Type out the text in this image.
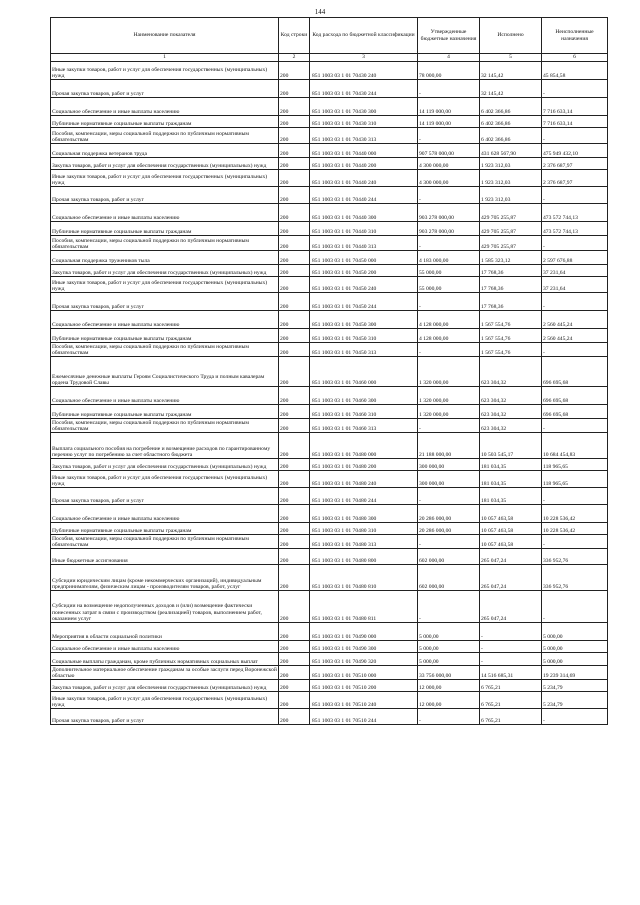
144
Наименование показателя	Код строки	Код расхода по бюджетной классификации	Утвержденные бюджетные назначения	Исполнено	Неисполненные назначения
1	2	3	4	5	6
Иные закупки товаров, работ и услуг для обеспечения государственных (муниципальных) нужд	200	851 1003 03 1 01 70430 240	78 000,00	32 145,42	45 854,58
Прочая закупка товаров, работ и услуг	200	851 1003 03 1 01 70430 244	-	32 145,42	-
Социальное обеспечение и иные выплаты населению	200	851 1003 03 1 01 70430 300	14 119 000,00	6 402 366,86	7 716 633,14
Публичные нормативные социальные выплаты гражданам	200	851 1003 03 1 01 70430 310	14 119 000,00	6 402 366,86	7 716 633,14
Пособия, компенсации, меры социальной поддержки по публичным нормативным обязательствам	200	851 1003 03 1 01 70430 313	-	6 402 366,86	-
Социальная поддержка ветеранов труда	200	851 1003 03 1 01 70440 000	907 578 000,00	431 628 567,90	475 949 432,10
Закупка товаров, работ и услуг для обеспечения государственных (муниципальных) нужд	200	851 1003 03 1 01 70440 200	4 300 000,00	1 923 312,03	2 376 687,97
Иные закупки товаров, работ и услуг для обеспечения государственных (муниципальных) нужд	200	851 1003 03 1 01 70440 240	4 300 000,00	1 923 312,03	2 376 687,97
Прочая закупка товаров, работ и услуг	200	851 1003 03 1 01 70440 244	-	1 923 312,03	-
Социальное обеспечение и иные выплаты населению	200	851 1003 03 1 01 70440 300	903 278 000,00	429 705 255,87	473 572 744,13
Публичные нормативные социальные выплаты гражданам	200	851 1003 03 1 01 70440 310	903 278 000,00	429 705 255,87	473 572 744,13
Пособия, компенсации, меры социальной поддержки по публичным нормативным обязательствам	200	851 1003 03 1 01 70440 313	-	429 705 255,87	-
Социальная поддержка тружеников тыла	200	851 1003 03 1 01 70450 000	4 183 000,00	1 585 323,12	2 597 676,88
Закупка товаров, работ и услуг для обеспечения государственных (муниципальных) нужд	200	851 1003 03 1 01 70450 200	55 000,00	17 768,36	37 231,64
Иные закупки товаров, работ и услуг для обеспечения государственных (муниципальных) нужд	200	851 1003 03 1 01 70450 240	55 000,00	17 768,36	37 231,64
Прочая закупка товаров, работ и услуг	200	851 1003 03 1 01 70450 244	-	17 768,36	-
Социальное обеспечение и иные выплаты населению	200	851 1003 03 1 01 70450 300	4 128 000,00	1 567 554,76	2 560 445,24
Публичные нормативные социальные выплаты гражданам	200	851 1003 03 1 01 70450 310	4 128 000,00	1 567 554,76	2 560 445,24
Пособия, компенсации, меры социальной поддержки по публичным нормативным обязательствам	200	851 1003 03 1 01 70450 313	-	1 567 554,76	-
Ежемесячные денежные выплаты Героям Социалистического Труда и полным кавалерам ордена Трудовой Славы	200	851 1003 03 1 01 70460 000	1 320 000,00	623 304,32	696 695,68
Социальное обеспечение и иные выплаты населению	200	851 1003 03 1 01 70460 300	1 320 000,00	623 304,32	696 695,68
Публичные нормативные социальные выплаты гражданам	200	851 1003 03 1 01 70460 310	1 320 000,00	623 304,32	696 695,68
Пособия, компенсации, меры социальной поддержки по публичным нормативным обязательствам	200	851 1003 03 1 01 70460 313	-	623 304,32	-
Выплата социального пособия на погребение и возмещение расходов по гарантированному перечню услуг по погребению за счет областного бюджета	200	851 1003 03 1 01 70480 000	21 188 000,00	10 503 545,17	10 684 454,83
Закупка товаров, работ и услуг для обеспечения государственных (муниципальных) нужд	200	851 1003 03 1 01 70480 200	300 000,00	181 034,35	118 965,65
Иные закупки товаров, работ и услуг для обеспечения государственных (муниципальных) нужд	200	851 1003 03 1 01 70480 240	300 000,00	181 034,35	118 965,65
Прочая закупка товаров, работ и услуг	200	851 1003 03 1 01 70480 244	-	181 034,35	-
Социальное обеспечение и иные выплаты населению	200	851 1003 03 1 01 70480 300	20 286 000,00	10 057 463,58	10 228 536,42
Публичные нормативные социальные выплаты гражданам	200	851 1003 03 1 01 70480 310	20 286 000,00	10 057 463,58	10 228 536,42
Пособия, компенсации, меры социальной поддержки по публичным нормативным обязательствам	200	851 1003 03 1 01 70480 313	-	10 057 463,58	-
Иные бюджетные ассигнования	200	851 1003 03 1 01 70480 800	602 000,00	265 047,24	336 952,76
Субсидии юридическим лицам (кроме некоммерческих организаций), индивидуальным предпринимателям, физическим лицам - производителям товаров, работ, услуг	200	851 1003 03 1 01 70480 810	602 000,00	265 047,24	336 952,76
Субсидии на возмещение недополученных доходов и (или) возмещение фактически понесенных затрат в связи с производством (реализацией) товаров, выполнением работ, оказанием услуг	200	851 1003 03 1 01 70480 811	-	265 047,24	-
Мероприятия в области социальной политики	200	851 1003 03 1 01 70490 000	5 000,00	-	5 000,00
Социальное обеспечение и иные выплаты населению	200	851 1003 03 1 01 70490 300	5 000,00	-	5 000,00
Социальные выплаты гражданам, кроме публичных нормативных социальных выплат	200	851 1003 03 1 01 70490 320	5 000,00	-	5 000,00
Дополнительное материальное обеспечение гражданам за особые заслуги перед Воронежской областью	200	851 1003 03 1 01 70510 000	33 756 000,00	14 516 685,31	19 239 314,69
Закупка товаров, работ и услуг для обеспечения государственных (муниципальных) нужд	200	851 1003 03 1 01 70510 200	12 000,00	6 765,21	5 234,79
Иные закупки товаров, работ и услуг для обеспечения государственных (муниципальных) нужд	200	851 1003 03 1 01 70510 240	12 000,00	6 765,21	5 234,79
Прочая закупка товаров, работ и услуг	200	851 1003 03 1 01 70510 244	-	6 765,21	-
